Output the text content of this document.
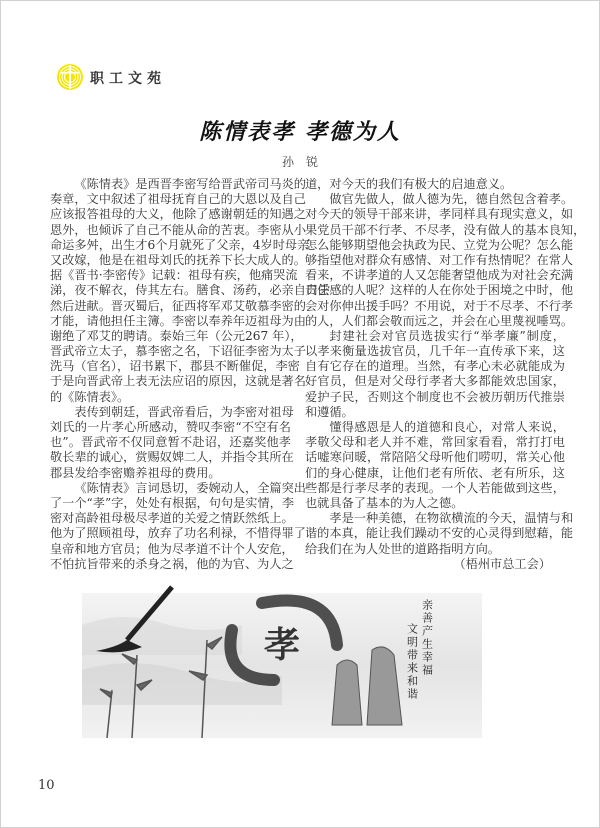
职工文苑
陈情表孝 孝德为人
孙　锐
《陈情表》是西晋李密写给晋武帝司马炎的
奏章，文中叙述了祖母抚育自己的大恩以及自己
应该报答祖母的大义，他除了感谢朝廷的知遇之
恩外，也倾诉了自己不能从命的苦衷。李密从小
命运多舛，出生才6个月就死了父亲，4岁时母亲
又改嫁，他是在祖母刘氏的抚养下长大成人的。
据《晋书·李密传》记载：祖母有疾，他痛哭流
涕，夜不解衣，侍其左右。膳食、汤药，必亲自口尝
然后进献。晋灭蜀后，征西将军邓艾敬慕李密的
才能，请他担任主簿。李密以奉养年迈祖母为由
谢绝了邓艾的聘请。泰始三年（公元267 年），
晋武帝立太子，慕李密之名，下诏征李密为太子
洗马（官名），诏书累下，郡县不断催促，李密
于是向晋武帝上表无法应诏的原因，这就是著名
的《陈情表》。
表传到朝廷，晋武帝看后，为李密对祖母
刘氏的一片孝心所感动，赞叹李密“不空有名
也”。晋武帝不仅同意暂不赴诏，还嘉奖他孝
敬长辈的诚心，赏赐奴婢二人，并指令其所在
郡县发给李密赡养祖母的费用。
《陈情表》言词恳切，委婉动人，全篇突出
了一个“孝”字，处处有根据，句句是实情，李
密对高龄祖母极尽孝道的关爱之情跃然纸上。
他为了照顾祖母，放弃了功名利禄，不惜得罪了
皇帝和地方官员；他为尽孝道不计个人安危，
不怕抗旨带来的杀身之祸，他的为官、为人之
道，对今天的我们有极大的启迪意义。
做官先做人，做人德为先，德自然包含着孝。
对今天的领导干部来讲，孝同样具有现实意义，如
果党员干部不行孝、不尽孝，没有做人的基本良知，
怎么能够期望他会执政为民、立党为公呢？怎么能
够指望他对群众有感情、对工作有热情呢？在常人
看来，不讲孝道的人又怎能奢望他成为对社会充满
责任感的人呢？这样的人在你处于困境之中时，他
会对你伸出援手吗？不用说，对于不尽孝、不行孝
的人，人们都会敬而远之，并会在心里蔑视唾骂。
封建社会对官员选拔实行“举孝廉”制度，
以孝来衡量选拔官员，几千年一直传承下来，这
自有它存在的道理。当然，有孝心未必就能成为
好官员，但是对父母行孝者大多都能效忠国家，
爱护子民，否则这个制度也不会被历朝历代推崇
和遵循。
懂得感恩是人的道德和良心，对常人来说，
孝敬父母和老人并不难，常回家看看，常打打电
话嘘寒问暖，常陪陪父母听他们唠叨，常关心他
们的身心健康，让他们老有所依、老有所乐，这
些都是行孝尽孝的表现。一个人若能做到这些，
也就具备了基本的为人之德。
孝是一种美德，在物欲横流的今天，温情与和
谐的本真，能让我们躁动不安的心灵得到慰藉，能
给我们在为人处世的道路指明方向。
（梧州市总工会）
孝	亲善产生幸福
文明带来和谐
10
